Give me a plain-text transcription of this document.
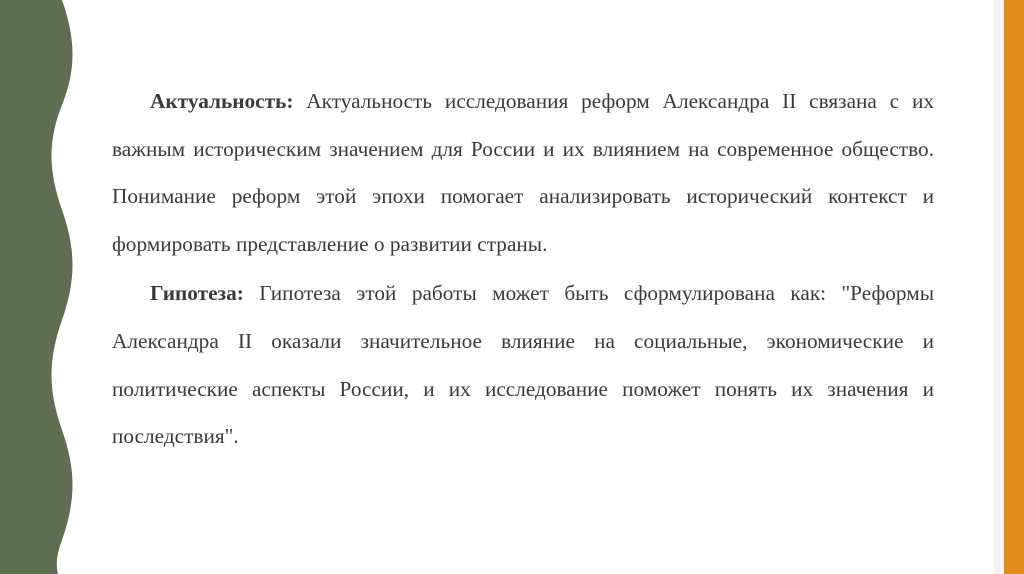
Актуальность: Актуальность исследования реформ Александра II связана с их важным историческим значением для России и их влиянием на современное общество. Понимание реформ этой эпохи помогает анализировать исторический контекст и формировать представление о развитии страны.

Гипотеза: Гипотеза этой работы может быть сформулирована как: "Реформы Александра II оказали значительное влияние на социальные, экономические и политические аспекты России, и их исследование поможет понять их значения и последствия".
